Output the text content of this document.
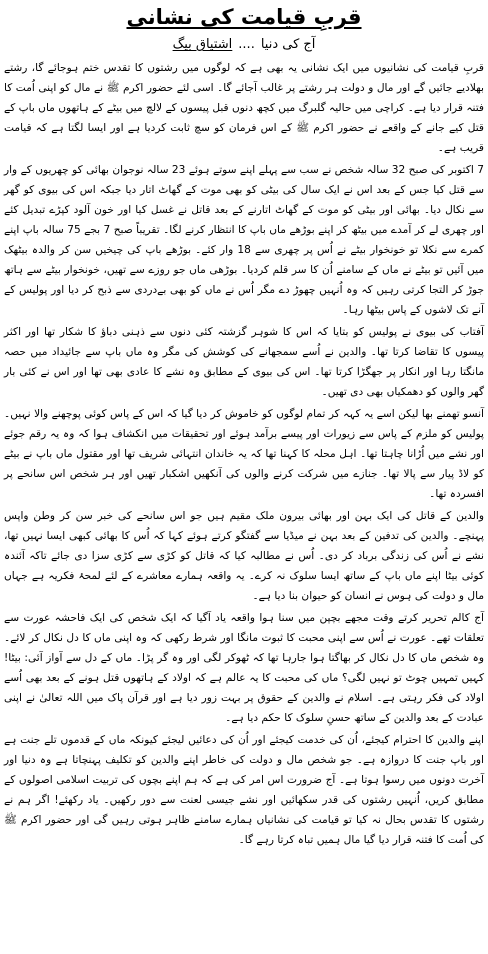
قربِ قیامت کی نشانی
آج کی دنیا....اشتیاق بیگ

قربِ قیامت کی نشانیوں میں ایک نشانی یہ بھی ہے کہ لوگوں میں رشتوں کا تقدس ختم ہوجائے گا، رشتے بھلادیے جائیں گے اور مال و دولت ہر رشتے پر غالب آجائے گا۔ اسی لئے حضور اکرم ﷺ نے مال کو اپنی اُمت کا فتنہ قرار دیا ہے۔ کراچی میں حالیہ گلبرگ میں کچھ دنوں قبل پیسوں کے لالچ میں بیٹے کے ہاتھوں ماں باپ کے قتل کیے جانے کے واقعے نے حضور اکرم ﷺ کے اس فرمان کو سچ ثابت کردیا ہے اور ایسا لگتا ہے کہ قیامت قریب ہے۔

7 اکتوبر کی صبح 32 سالہ شخص نے سب سے پہلے اپنے سوتے ہوئے 23 سالہ نوجوان بھائی کو چھریوں کے وار سے قتل کیا جس کے بعد اس نے ایک سال کی بیٹی کو بھی موت کے گھاٹ اتار دیا جبکہ اس کی بیوی کو گھر سے نکال دیا۔ بھائی اور بیٹی کو موت کے گھاٹ اتارنے کے بعد قاتل نے غسل کیا اور خون آلود کپڑے تبدیل کئے اور چھری لے کر آمدے میں بیٹھ کر اپنے بوڑھے ماں باپ کا انتظار کرنے لگا۔ تقریباً صبح 7 بجے 75 سالہ باپ اپنے کمرے سے نکلا تو خونخوار بیٹے نے اُس پر چھری سے 18 وار کئے۔ بوڑھے باپ کی چیخیں سن کر والدہ بیٹھک میں آئیں تو بیٹے نے ماں کے سامنے اُن کا سر قلم کردیا۔ بوڑھی ماں جو روزے سے تھیں، خونخوار بیٹے سے ہاتھ جوڑ کر التجا کرتی رہیں کہ وہ اُنہیں چھوڑ دے مگر اُس نے ماں کو بھی بےدردی سے ذبح کر دیا اور پولیس کے آنے تک لاشوں کے پاس بیٹھا رہا۔

آفتاب کی بیوی نے پولیس کو بتایا کہ اس کا شوہر گزشتہ کئی دنوں سے ذہنی دباؤ کا شکار تھا اور اکثر پیسوں کا تقاضا کرتا تھا۔ والدین نے اُسے سمجھانے کی کوشش کی مگر وہ ماں باپ سے جائیداد میں حصہ مانگتا رہا اور انکار پر جھگڑا کرتا تھا۔ اس کی بیوی کے مطابق وہ نشے کا عادی بھی تھا اور اس نے کئی بار گھر والوں کو دھمکیاں بھی دی تھیں۔

آنسو تھمنے بھا لیکن اسے یہ کہہ کر تمام لوگوں کو خاموش کر دیا گیا کہ اس کے پاس کوئی پوچھنے والا نہیں۔ پولیس کو ملزم کے پاس سے زیورات اور پیسے برآمد ہوئے اور تحقیقات میں انکشاف ہوا کہ وہ یہ رقم جوئے اور نشے میں اُڑانا چاہتا تھا۔ اہل محلہ کا کہنا تھا کہ یہ خاندان انتہائی شریف تھا اور مقتول ماں باپ نے بیٹے کو لاڈ پیار سے پالا تھا۔ جنازے میں شرکت کرنے والوں کی آنکھیں اشکبار تھیں اور ہر شخص اس سانحے پر افسردہ تھا۔

والدین کے قاتل کی ایک بہن اور بھائی بیرون ملک مقیم ہیں جو اس سانحے کی خبر سن کر وطن واپس پہنچے۔ والدین کی تدفین کے بعد بہن نے میڈیا سے گفتگو کرتے ہوئے کہا کہ اُس کا بھائی کبھی ایسا نہیں تھا، نشے نے اُس کی زندگی برباد کر دی۔ اُس نے مطالبہ کیا کہ قاتل کو کڑی سے کڑی سزا دی جائے تاکہ آئندہ کوئی بیٹا اپنے ماں باپ کے ساتھ ایسا سلوک نہ کرے۔ یہ واقعہ ہمارے معاشرے کے لئے لمحۂ فکریہ ہے جہاں مال و دولت کی ہوس نے انسان کو حیوان بنا دیا ہے۔

آج کالم تحریر کرتے وقت مجھے بچپن میں سنا ہوا واقعہ یاد آگیا کہ ایک شخص کی ایک فاحشہ عورت سے تعلقات تھے۔ عورت نے اُس سے اپنی محبت کا ثبوت مانگا اور شرط رکھی کہ وہ اپنی ماں کا دل نکال کر لائے۔ وہ شخص ماں کا دل نکال کر بھاگتا ہوا جارہا تھا کہ ٹھوکر لگی اور وہ گر پڑا۔ ماں کے دل سے آواز آئی: بیٹا! کہیں تمہیں چوٹ تو نہیں لگی؟ ماں کی محبت کا یہ عالم ہے کہ اولاد کے ہاتھوں قتل ہونے کے بعد بھی اُسے اولاد کی فکر رہتی ہے۔ اسلام نے والدین کے حقوق پر بہت زور دیا ہے اور قرآن پاک میں اللہ تعالیٰ نے اپنی عبادت کے بعد والدین کے ساتھ حسنِ سلوک کا حکم دیا ہے۔

اپنے والدین کا احترام کیجئے، اُن کی خدمت کیجئے اور اُن کی دعائیں لیجئے کیونکہ ماں کے قدموں تلے جنت ہے اور باپ جنت کا دروازہ ہے۔ جو شخص مال و دولت کی خاطر اپنے والدین کو تکلیف پہنچاتا ہے وہ دنیا اور آخرت دونوں میں رسوا ہوتا ہے۔ آج ضرورت اس امر کی ہے کہ ہم اپنے بچوں کی تربیت اسلامی اصولوں کے مطابق کریں، اُنہیں رشتوں کی قدر سکھائیں اور نشے جیسی لعنت سے دور رکھیں۔ یاد رکھئے! اگر ہم نے رشتوں کا تقدس بحال نہ کیا تو قیامت کی نشانیاں ہمارے سامنے ظاہر ہوتی رہیں گی اور حضور اکرم ﷺ کی اُمت کا فتنہ قرار دیا گیا مال ہمیں تباہ کرتا رہے گا۔
